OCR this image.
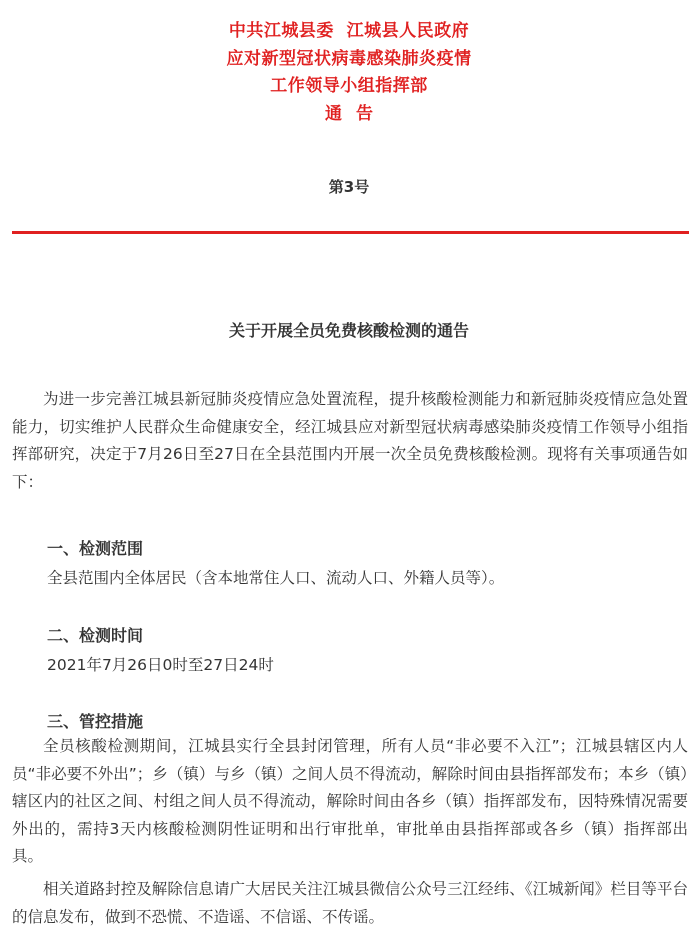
中共江城县委  江城县人民政府
应对新型冠状病毒感染肺炎疫情
工作领导小组指挥部
通告
第3号
关于开展全员免费核酸检测的通告

为进一步完善江城县新冠肺炎疫情应急处置流程，提升核酸检测能力和新冠肺炎疫情应急处置能力，切实维护人民群众生命健康安全，经江城县应对新型冠状病毒感染肺炎疫情工作领导小组指挥部研究，决定于7月26日至27日在全县范围内开展一次全员免费核酸检测。现将有关事项通告如下：

一、检测范围
全县范围内全体居民（含本地常住人口、流动人口、外籍人员等）。
二、检测时间
2021年7月26日0时至27日24时
三、管控措施

全员核酸检测期间，江城县实行全县封闭管理，所有人员“非必要不入江”；江城县辖区内人员“非必要不外出”；乡（镇）与乡（镇）之间人员不得流动，解除时间由县指挥部发布；本乡（镇）辖区内的社区之间、村组之间人员不得流动，解除时间由各乡（镇）指挥部发布，因特殊情况需要外出的，需持3天内核酸检测阴性证明和出行审批单，审批单由县指挥部或各乡（镇）指挥部出具。

相关道路封控及解除信息请广大居民关注江城县微信公众号三江经纬、《江城新闻》栏目等平台的信息发布，做到不恐慌、不造谣、不信谣、不传谣。
